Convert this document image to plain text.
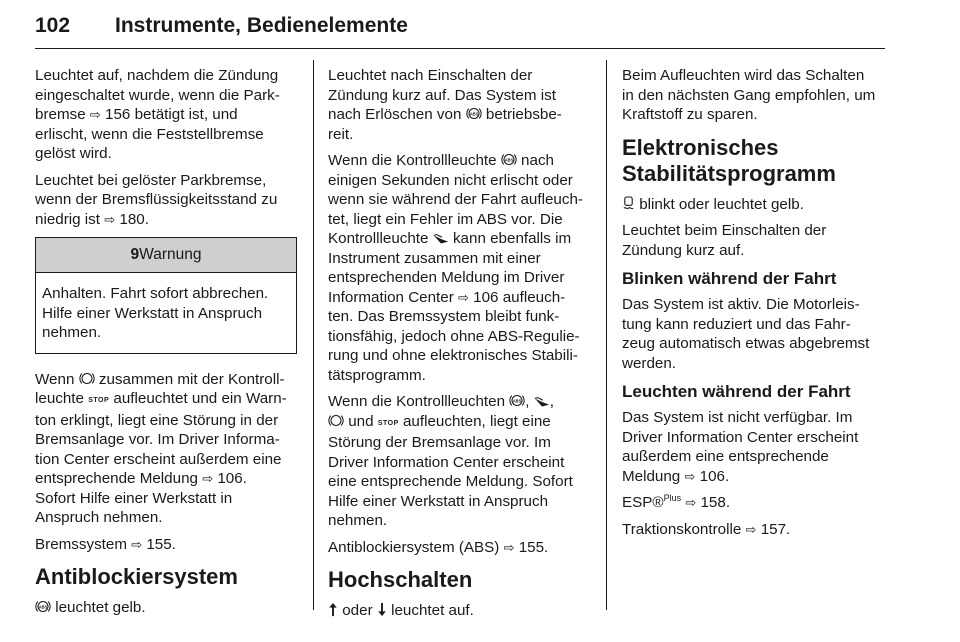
102 Instrumente, Bedienelemente

Leuchtet auf, nachdem die Zündung
eingeschaltet wurde, wenn die Park-
bremse ⇨ 156 betätigt ist, und
erlischt, wenn die Feststellbremse
gelöst wird.

Leuchtet bei gelöster Parkbremse,
wenn der Bremsflüssigkeitsstand zu
niedrig ist ⇨ 180.

9Warnung
Anhalten. Fahrt sofort abbrechen.
Hilfe einer Werkstatt in Anspruch
nehmen.

Wenn zusammen mit der Kontroll-
leuchte STOP aufleuchtet und ein Warn-
ton erklingt, liegt eine Störung in der
Bremsanlage vor. Im Driver Informa-
tion Center erscheint außerdem eine
entsprechende Meldung ⇨ 106.
Sofort Hilfe einer Werkstatt in
Anspruch nehmen.

Bremssystem ⇨ 155.

Antiblockiersystem

leuchtet gelb.

Leuchtet nach Einschalten der
Zündung kurz auf. Das System ist
nach Erlöschen von betriebsbe-
reit.

Wenn die Kontrollleuchte nach
einigen Sekunden nicht erlischt oder
wenn sie während der Fahrt aufleuch-
tet, liegt ein Fehler im ABS vor. Die
Kontrollleuchte kann ebenfalls im
Instrument zusammen mit einer
entsprechenden Meldung im Driver
Information Center ⇨ 106 aufleuch-
ten. Das Bremssystem bleibt funk-
tionsfähig, jedoch ohne ABS-Regulie-
rung und ohne elektronisches Stabili-
tätsprogramm.

Wenn die Kontrollleuchten , ,
und STOP aufleuchten, liegt eine
Störung der Bremsanlage vor. Im
Driver Information Center erscheint
eine entsprechende Meldung. Sofort
Hilfe einer Werkstatt in Anspruch
nehmen.

Antiblockiersystem (ABS) ⇨ 155.

Hochschalten

oder leuchtet auf.

Beim Aufleuchten wird das Schalten
in den nächsten Gang empfohlen, um
Kraftstoff zu sparen.

Elektronisches
Stabilitätsprogramm

blinkt oder leuchtet gelb.

Leuchtet beim Einschalten der
Zündung kurz auf.

Blinken während der Fahrt

Das System ist aktiv. Die Motorleis-
tung kann reduziert und das Fahr-
zeug automatisch etwas abgebremst
werden.

Leuchten während der Fahrt

Das System ist nicht verfügbar. Im
Driver Information Center erscheint
außerdem eine entsprechende
Meldung ⇨ 106.

ESP®$^{Plus}$ ⇨ 158.

Traktionskontrolle ⇨ 157.
